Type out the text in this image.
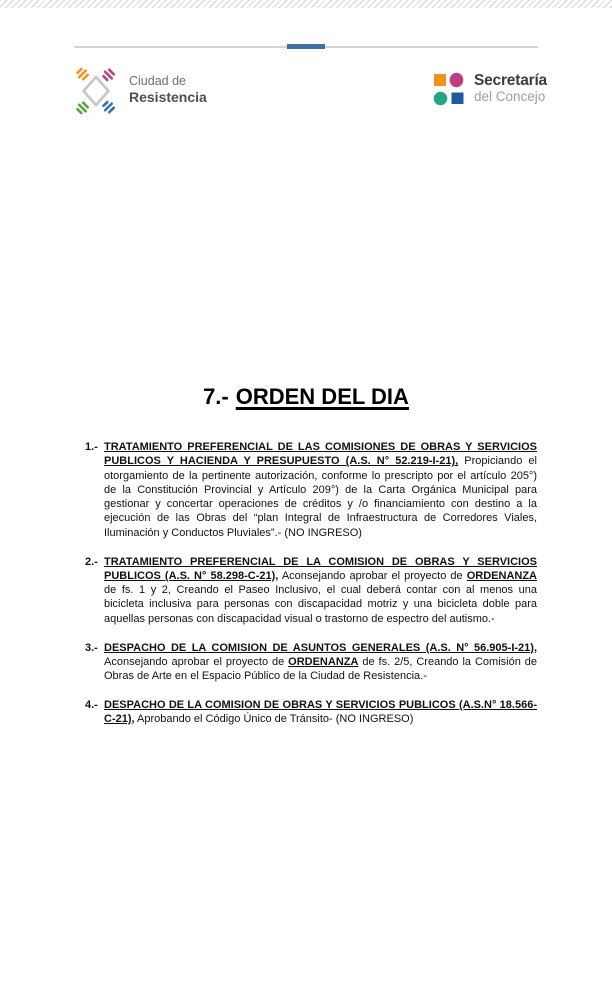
Ciudad de
Resistencia
Secretaría
del Concejo
7.- ORDEN DEL DIA
1.- TRATAMIENTO PREFERENCIAL DE LAS COMISIONES DE OBRAS Y SERVICIOS PUBLICOS Y HACIENDA Y PRESUPUESTO (A.S. N° 52.219-I-21), Propiciando el otorgamiento de la pertinente autorización, conforme lo prescripto por el artículo 205°) de la Constitución Provincial y Artículo 209°) de la Carta Orgánica Municipal para gestionar y concertar operaciones de créditos y /o financiamiento con destino a la ejecución de las Obras del “plan Integral de Infraestructura de Corredores Viales, Iluminación y Conductos Pluviales”.- (NO INGRESO)

2.- TRATAMIENTO PREFERENCIAL DE LA COMISION DE OBRAS Y SERVICIOS PUBLICOS (A.S. N° 58.298-C-21), Aconsejando aprobar el proyecto de ORDENANZA de fs. 1 y 2, Creando el Paseo Inclusivo, el cual deberá contar con al menos una bicicleta inclusiva para personas con discapacidad motriz y una bicicleta doble para aquellas personas con discapacidad visual o trastorno de espectro del autismo.-

3.- DESPACHO DE LA COMISION DE ASUNTOS GENERALES (A.S. N° 56.905-I-21), Aconsejando aprobar el proyecto de ORDENANZA de fs. 2/5, Creando la Comisión de Obras de Arte en el Espacio Público de la Ciudad de Resistencia.-

4.- DESPACHO DE LA COMISION DE OBRAS Y SERVICIOS PUBLICOS (A.S.N° 18.566-C-21), Aprobando el Código Único de Tránsito- (NO INGRESO)
